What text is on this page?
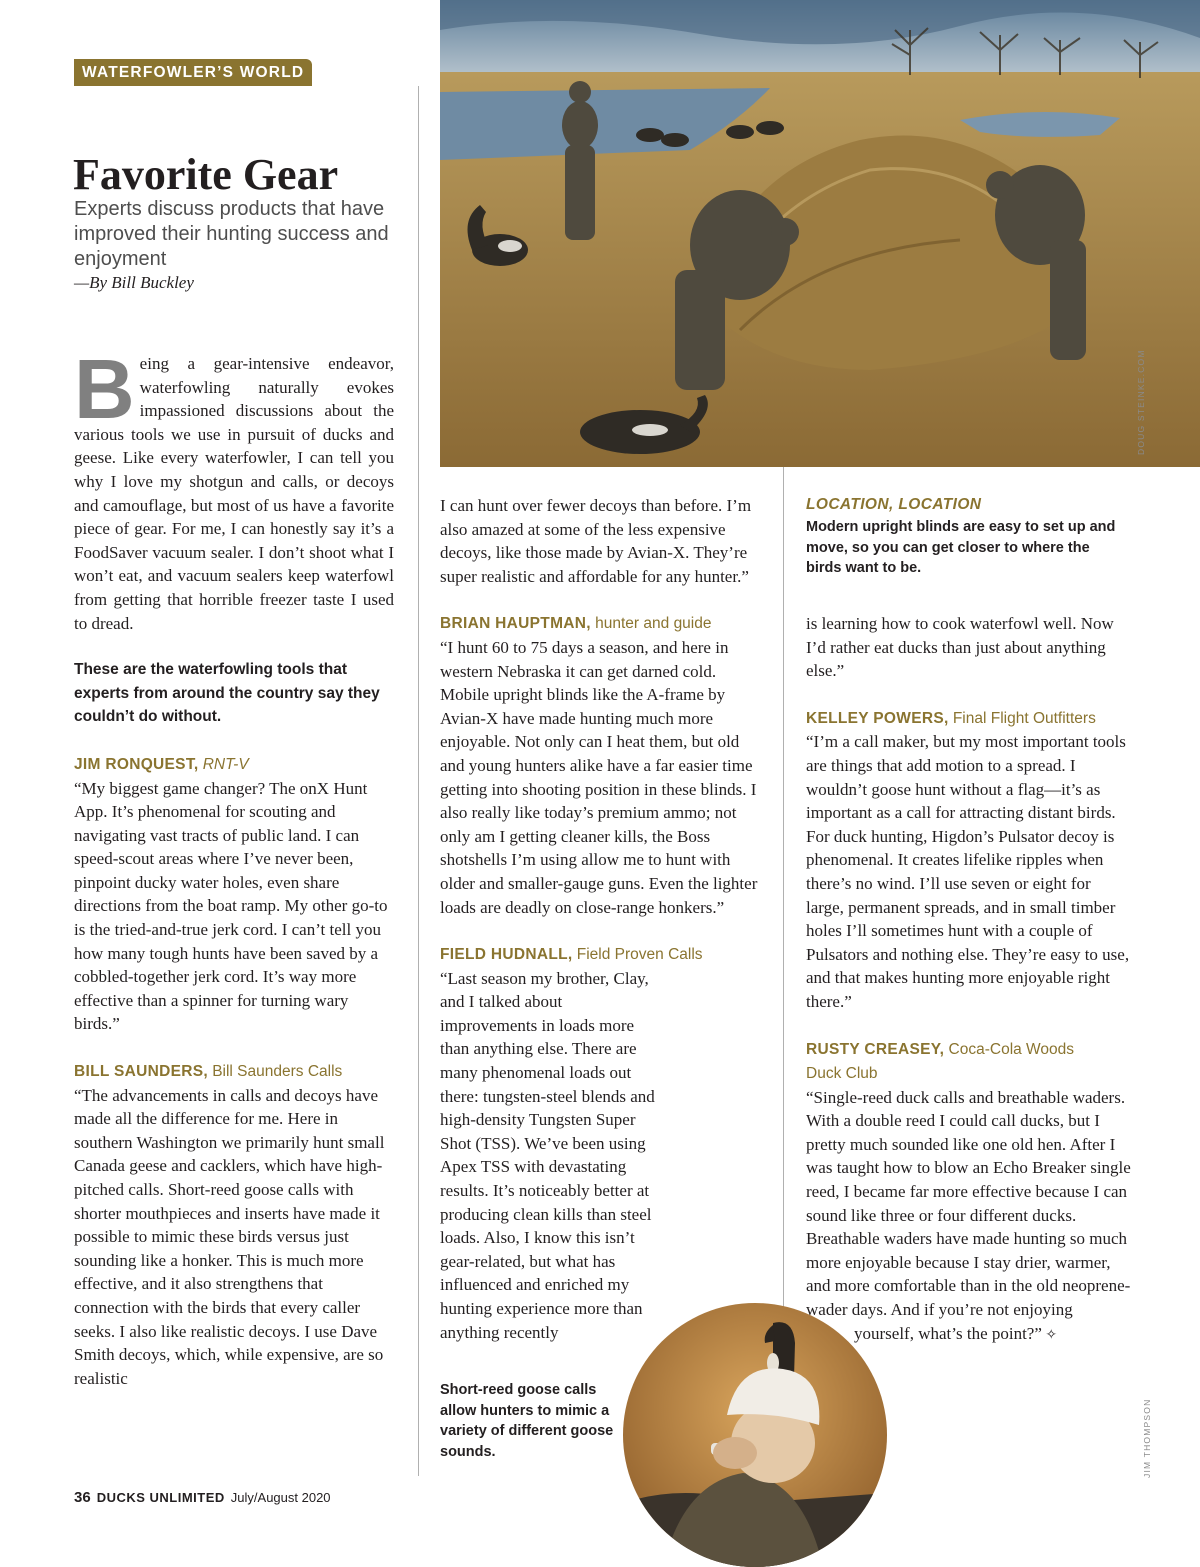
WATERFOWLER’S WORLD
Favorite Gear

Experts discuss products that have improved their hunting success and enjoyment

—By Bill Buckley
DOUG STEINKE.COM
LOCATION, LOCATION
Modern upright blinds are easy to set up and move, so you can get closer to where the birds want to be.

Being a gear-intensive endeavor, waterfowling naturally evokes impassioned discussions about the various tools we use in pursuit of ducks and geese. Like every waterfowler, I can tell you why I love my shotgun and calls, or decoys and camouflage, but most of us have a favorite piece of gear. For me, I can honestly say it’s a FoodSaver vacuum sealer. I don’t shoot what I won’t eat, and vacuum sealers keep waterfowl from getting that horrible freezer taste I used to dread.

These are the waterfowling tools that experts from around the country say they couldn’t do without.

JIM RONQUEST, RNT-V

“My biggest game changer? The onX Hunt App. It’s phenomenal for scouting and navigating vast tracts of public land. I can speed-scout areas where I’ve never been, pinpoint ducky water holes, even share directions from the boat ramp. My other go-to is the tried-and-true jerk cord. I can’t tell you how many tough hunts have been saved by a cobbled-together jerk cord. It’s way more effective than a spinner for turning wary birds.”

BILL SAUNDERS, Bill Saunders Calls

“The advancements in calls and decoys have made all the difference for me. Here in southern Washington we primarily hunt small Canada geese and cacklers, which have high-pitched calls. Short-reed goose calls with shorter mouthpieces and inserts have made it possible to mimic these birds versus just sounding like a honker. This is much more effective, and it also strengthens that connection with the birds that every caller seeks. I also like realistic decoys. I use Dave Smith decoys, which, while expensive, are so realistic

I can hunt over fewer decoys than before. I’m also amazed at some of the less expensive decoys, like those made by Avian-X. They’re super realistic and affordable for any hunter.”

BRIAN HAUPTMAN, hunter and guide

“I hunt 60 to 75 days a season, and here in western Nebraska it can get darned cold. Mobile upright blinds like the A-frame by Avian-X have made hunting much more enjoyable. Not only can I heat them, but old and young hunters alike have a far easier time getting into shooting position in these blinds. I also really like today’s premium ammo; not only am I getting cleaner kills, the Boss shotshells I’m using allow me to hunt with older and smaller-gauge guns. Even the lighter loads are deadly on close-range honkers.”

FIELD HUDNALL, Field Proven Calls

“Last season my brother, Clay, and I talked about improvements in loads more than anything else. There are many phenomenal loads out there: tungsten-steel blends and high-density Tungsten Super Shot (TSS). We’ve been using Apex TSS with devastating results. It’s noticeably better at producing clean kills than steel loads. Also, I know this isn’t gear-related, but what has influenced and enriched my hunting experience more than anything recently

Short-reed goose calls allow hunters to mimic a variety of different goose sounds.

is learning how to cook waterfowl well. Now I’d rather eat ducks than just about anything else.”

KELLEY POWERS, Final Flight Outfitters

“I’m a call maker, but my most important tools are things that add motion to a spread. I wouldn’t goose hunt without a flag—it’s as important as a call for attracting distant birds. For duck hunting, Higdon’s Pulsator decoy is phenomenal. It creates lifelike ripples when there’s no wind. I’ll use seven or eight for large, permanent spreads, and in small timber holes I’ll sometimes hunt with a couple of Pulsators and nothing else. They’re easy to use, and that makes hunting more enjoyable right there.”

RUSTY CREASEY, Coca-Cola Woods Duck Club

“Single-reed duck calls and breathable waders. With a double reed I could call ducks, but I pretty much sounded like one old hen. After I was taught how to blow an Echo Breaker single reed, I became far more effective because I can sound like three or four different ducks. Breathable waders have made hunting so much more enjoyable because I stay drier, warmer, and more comfortable than in the old neoprene-wader days. And if you’re not enjoying yourself, what’s the point?” ✧

JIM THOMPSON
36 DUCKS UNLIMITED July/August 2020
